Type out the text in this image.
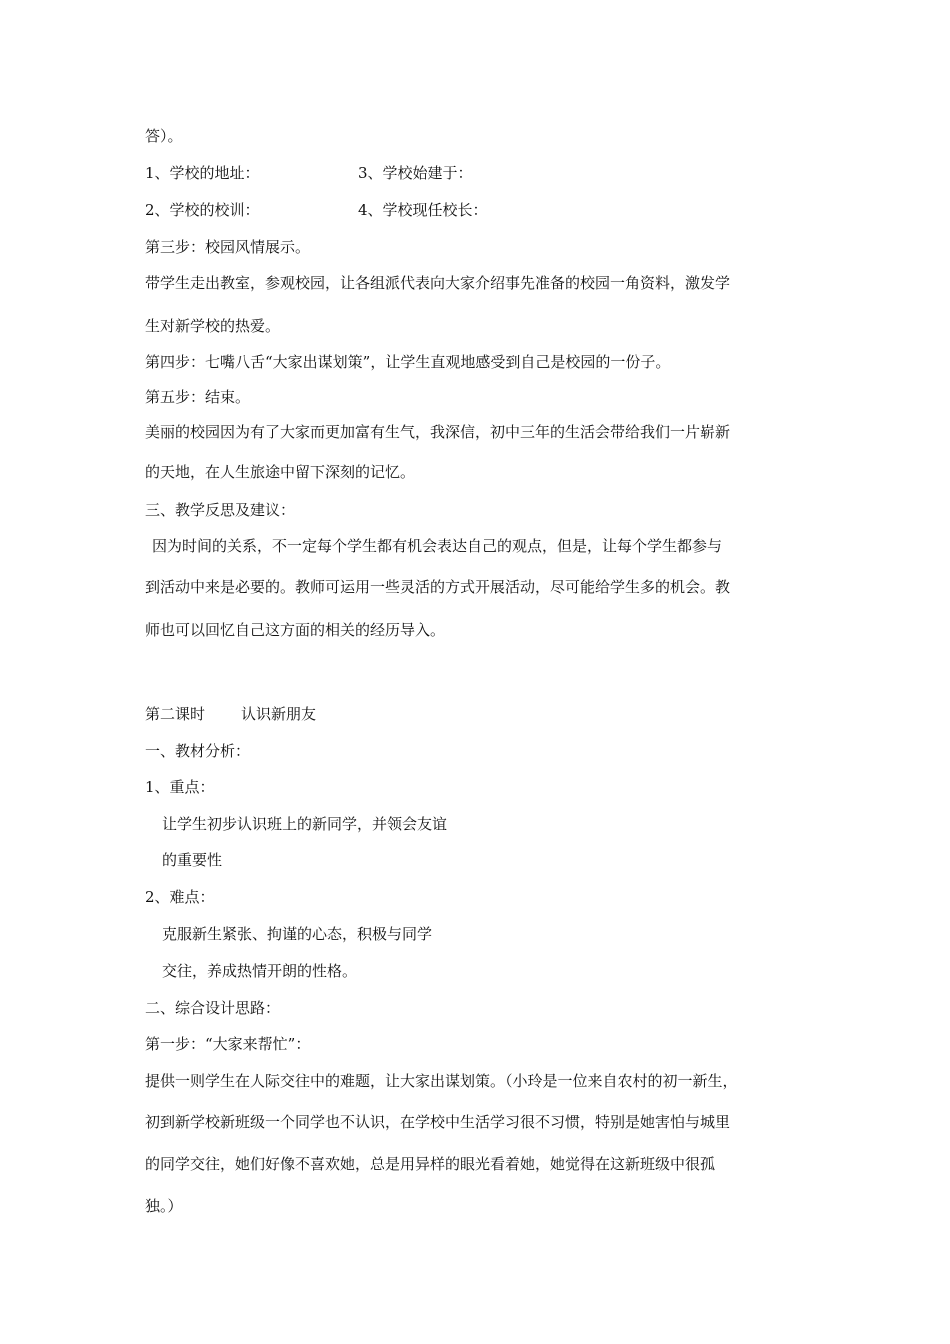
答）。
1、学校的地址：	3、学校始建于：
2、学校的校训：	4、学校现任校长：
第三步：校园风情展示。
带学生走出教室，参观校园，让各组派代表向大家介绍事先准备的校园一角资料，激发学
生对新学校的热爱。
第四步：七嘴八舌“大家出谋划策”，让学生直观地感受到自己是校园的一份子。
第五步：结束。
美丽的校园因为有了大家而更加富有生气，我深信，初中三年的生活会带给我们一片崭新
的天地，在人生旅途中留下深刻的记忆。
三、教学反思及建议：
因为时间的关系，不一定每个学生都有机会表达自己的观点，但是，让每个学生都参与
到活动中来是必要的。教师可运用一些灵活的方式开展活动，尽可能给学生多的机会。教
师也可以回忆自己这方面的相关的经历导入。
第二课时 认识新朋友
一、教材分析：
1、重点：
让学生初步认识班上的新同学，并领会友谊
的重要性
2、难点：
克服新生紧张、拘谨的心态，积极与同学
交往，养成热情开朗的性格。
二、综合设计思路：
第一步：“大家来帮忙”：
提供一则学生在人际交往中的难题，让大家出谋划策。（小玲是一位来自农村的初一新生，
初到新学校新班级一个同学也不认识，在学校中生活学习很不习惯，特别是她害怕与城里
的同学交往，她们好像不喜欢她，总是用异样的眼光看着她，她觉得在这新班级中很孤
独。）
